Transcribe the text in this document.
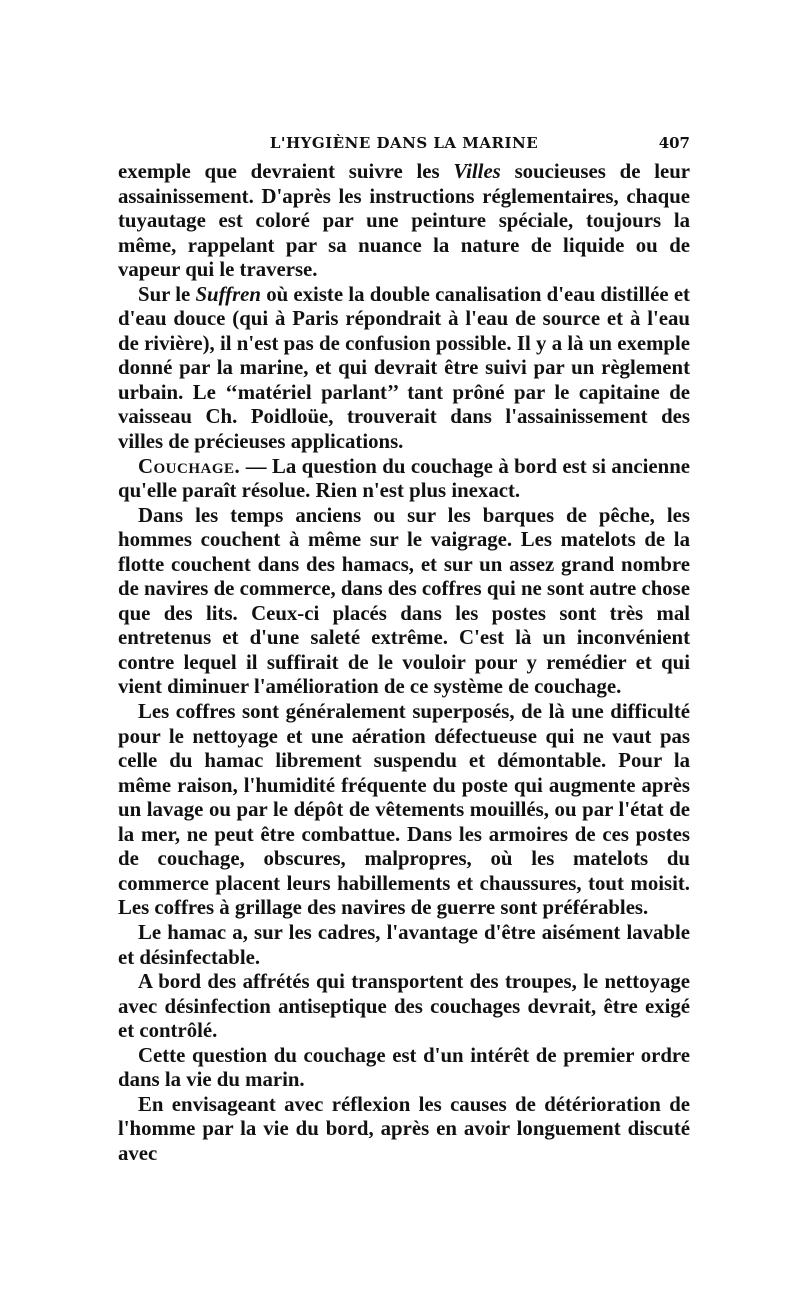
L'HYGIÈNE DANS LA MARINE	407

exemple que devraient suivre les Villes soucieuses de leur assainissement. D'après les instructions réglementaires, chaque tuyautage est coloré par une peinture spéciale, toujours la même, rappelant par sa nuance la nature de liquide ou de vapeur qui le traverse.

Sur le Suffren où existe la double canalisation d'eau distillée et d'eau douce (qui à Paris répondrait à l'eau de source et à l'eau de rivière), il n'est pas de confusion possible. Il y a là un exemple donné par la marine, et qui devrait être suivi par un règlement urbain. Le ‘‘matériel parlant’’ tant prôné par le capitaine de vaisseau Ch. Poidloüe, trouverait dans l'assainissement des villes de précieuses applications.

Couchage. — La question du couchage à bord est si ancienne qu'elle paraît résolue. Rien n'est plus inexact.

Dans les temps anciens ou sur les barques de pêche, les hommes couchent à même sur le vaigrage. Les matelots de la flotte couchent dans des hamacs, et sur un assez grand nombre de navires de commerce, dans des coffres qui ne sont autre chose que des lits. Ceux-ci placés dans les postes sont très mal entretenus et d'une saleté extrême. C'est là un inconvénient contre lequel il suffirait de le vouloir pour y remédier et qui vient diminuer l'amélioration de ce système de couchage.

Les coffres sont généralement superposés, de là une difficulté pour le nettoyage et une aération défectueuse qui ne vaut pas celle du hamac librement suspendu et démontable. Pour la même raison, l'humidité fréquente du poste qui augmente après un lavage ou par le dépôt de vêtements mouillés, ou par l'état de la mer, ne peut être combattue. Dans les armoires de ces postes de couchage, obscures, malpropres, où les matelots du commerce placent leurs habillements et chaussures, tout moisit. Les coffres à grillage des navires de guerre sont préférables.

Le hamac a, sur les cadres, l'avantage d'être aisément lavable et désinfectable.

A bord des affrétés qui transportent des troupes, le nettoyage avec désinfection antiseptique des couchages devrait, être exigé et contrôlé.

Cette question du couchage est d'un intérêt de premier ordre dans la vie du marin.

En envisageant avec réflexion les causes de détérioration de l'homme par la vie du bord, après en avoir longuement discuté avec
